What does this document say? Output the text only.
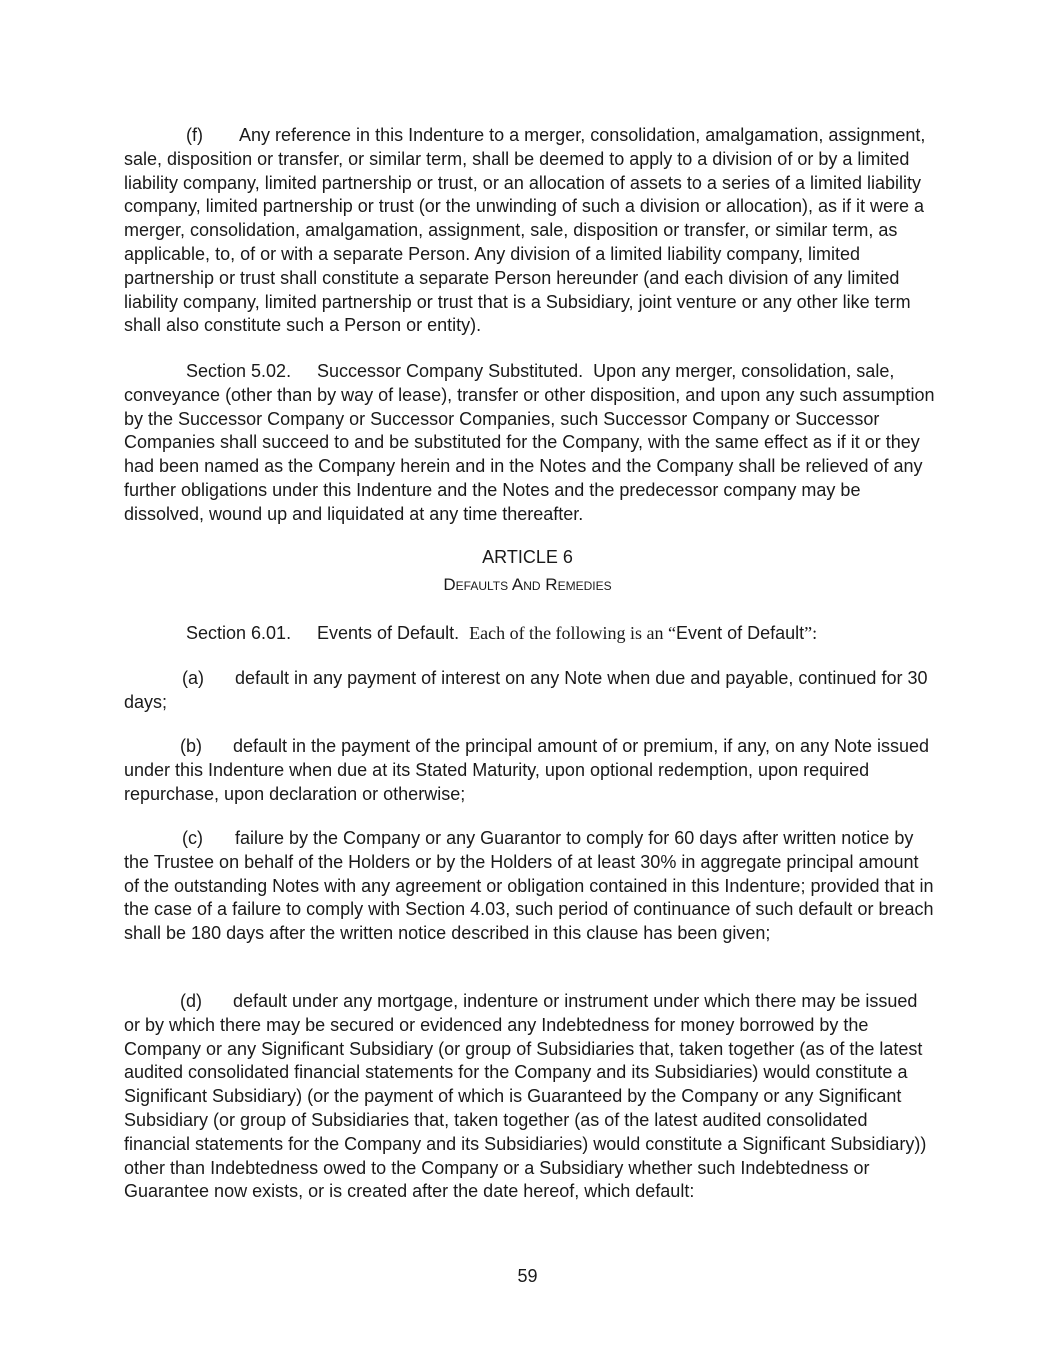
(f) Any reference in this Indenture to a merger, consolidation, amalgamation, assignment, sale, disposition or transfer, or similar term, shall be deemed to apply to a division of or by a limited liability company, limited partnership or trust, or an allocation of assets to a series of a limited liability company, limited partnership or trust (or the unwinding of such a division or allocation), as if it were a merger, consolidation, amalgamation, assignment, sale, disposition or transfer, or similar term, as applicable, to, of or with a separate Person. Any division of a limited liability company, limited partnership or trust shall constitute a separate Person hereunder (and each division of any limited liability company, limited partnership or trust that is a Subsidiary, joint venture or any other like term shall also constitute such a Person or entity).

Section 5.02. Successor Company Substituted. Upon any merger, consolidation, sale, conveyance (other than by way of lease), transfer or other disposition, and upon any such assumption by the Successor Company or Successor Companies, such Successor Company or Successor Companies shall succeed to and be substituted for the Company, with the same effect as if it or they had been named as the Company herein and in the Notes and the Company shall be relieved of any further obligations under this Indenture and the Notes and the predecessor company may be dissolved, wound up and liquidated at any time thereafter.

ARTICLE 6
Defaults And Remedies

Section 6.01. Events of Default. Each of the following is an “Event of Default”:

(a) default in any payment of interest on any Note when due and payable, continued for 30 days;

(b) default in the payment of the principal amount of or premium, if any, on any Note issued under this Indenture when due at its Stated Maturity, upon optional redemption, upon required repurchase, upon declaration or otherwise;

(c) failure by the Company or any Guarantor to comply for 60 days after written notice by the Trustee on behalf of the Holders or by the Holders of at least 30% in aggregate principal amount of the outstanding Notes with any agreement or obligation contained in this Indenture; provided that in the case of a failure to comply with Section 4.03, such period of continuance of such default or breach shall be 180 days after the written notice described in this clause has been given;

(d) default under any mortgage, indenture or instrument under which there may be issued or by which there may be secured or evidenced any Indebtedness for money borrowed by the Company or any Significant Subsidiary (or group of Subsidiaries that, taken together (as of the latest audited consolidated financial statements for the Company and its Subsidiaries) would constitute a Significant Subsidiary) (or the payment of which is Guaranteed by the Company or any Significant Subsidiary (or group of Subsidiaries that, taken together (as of the latest audited consolidated financial statements for the Company and its Subsidiaries) would constitute a Significant Subsidiary)) other than Indebtedness owed to the Company or a Subsidiary whether such Indebtedness or Guarantee now exists, or is created after the date hereof, which default:

59
